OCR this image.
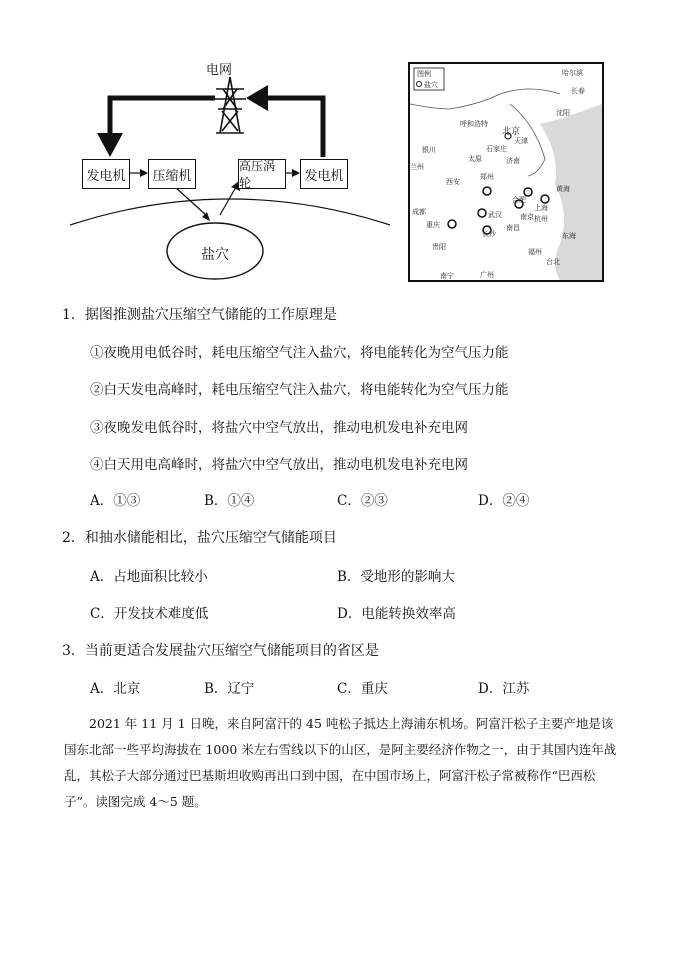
电网
发电机	压缩机
高压涡轮	发电机
盐穴
图例
盐穴
哈尔滨
长春
沈阳
呼和浩特
北京
天津
石家庄
银川
太原	济南
兰州
西安
郑州
合肥
上海
南京
成都	武汉	杭州
重庆
长沙
南昌
贵阳
福州
台北
南宁	广州
黄海
东海
1．据图推测盐穴压缩空气储能的工作原理是
①夜晚用电低谷时，耗电压缩空气注入盐穴，将电能转化为空气压力能
②白天发电高峰时，耗电压缩空气注入盐穴，将电能转化为空气压力能
③夜晚发电低谷时，将盐穴中空气放出，推动电机发电补充电网
④白天用电高峰时，将盐穴中空气放出，推动电机发电补充电网
A．①③	B．①④	C．②③	D．②④
2．和抽水储能相比，盐穴压缩空气储能项目
A．占地面积比较小	B．受地形的影响大
C．开发技术难度低	D．电能转换效率高
3．当前更适合发展盐穴压缩空气储能项目的省区是
A．北京	B．辽宁	C．重庆	D．江苏
2021 年 11 月 1 日晚，来自阿富汗的 45 吨松子抵达上海浦东机场。阿富汗松子主要产地是该国东北部一些平均海拔在 1000 米左右雪线以下的山区，是阿主要经济作物之一，由于其国内连年战乱，其松子大部分通过巴基斯坦收购再出口到中国，在中国市场上，阿富汗松子常被称作“巴西松子”。读图完成 4～5 题。
